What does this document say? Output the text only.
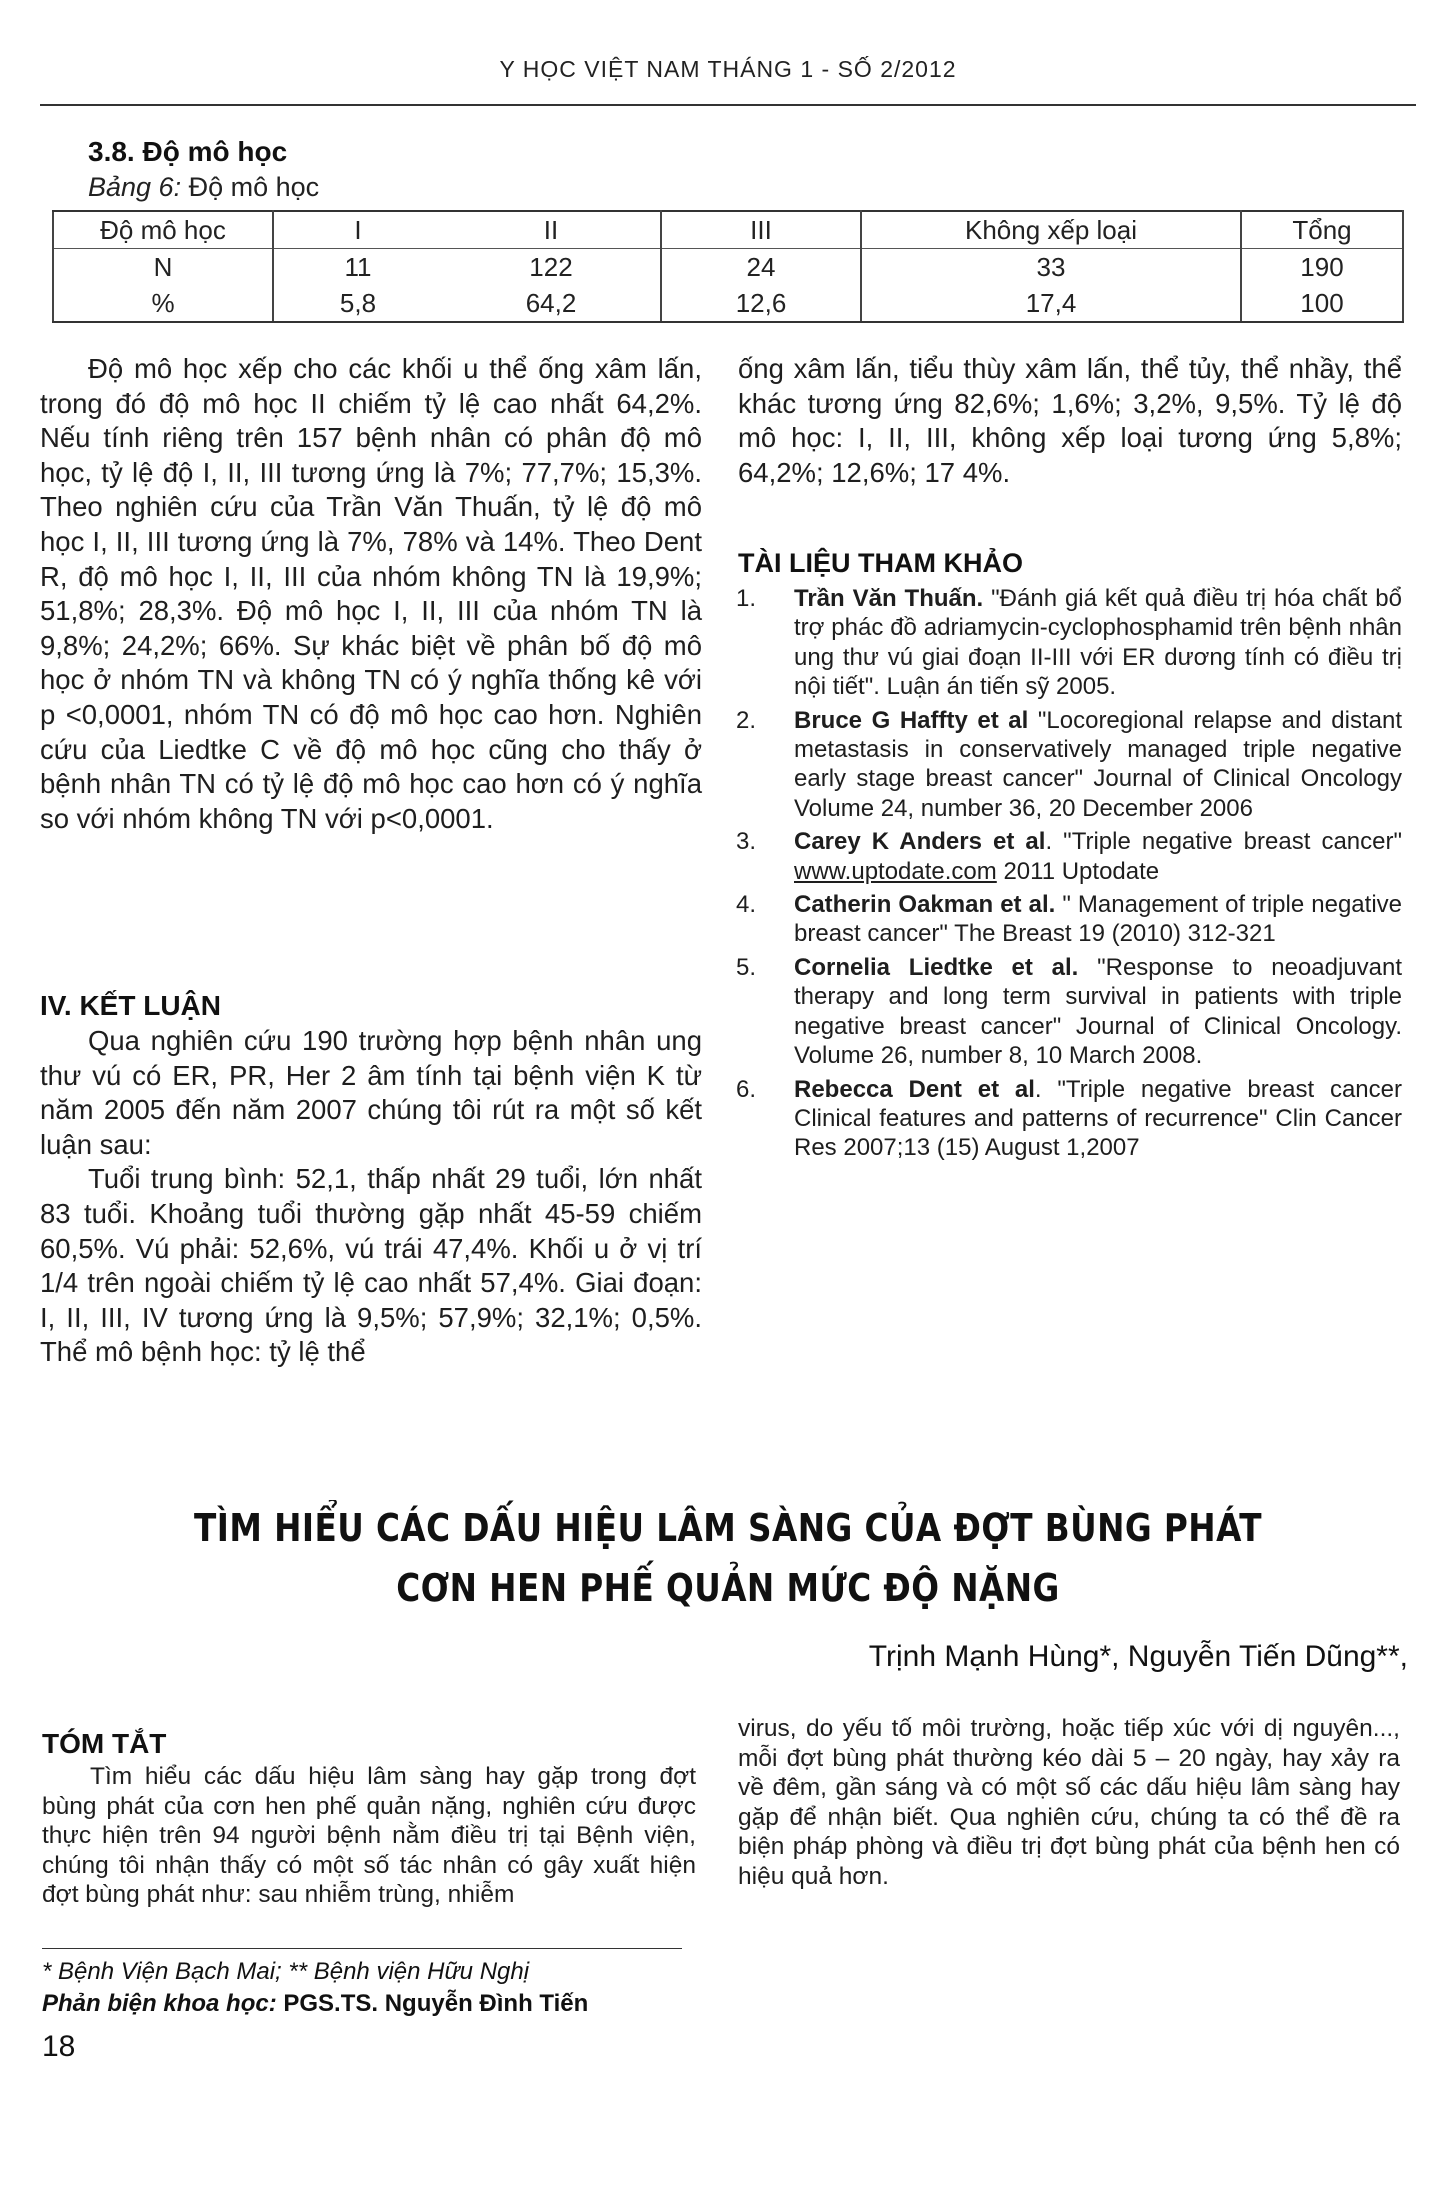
Y HỌC VIỆT NAM THÁNG 1 - SỐ 2/2012
3.8. Độ mô học
Bảng 6: Độ mô học
Độ mô học	I	II	III	Không xếp loại	Tổng
N	11	122	24	33	190
%	5,8	64,2	12,6	17,4	100

Độ mô học xếp cho các khối u thể ống xâm lấn, trong đó độ mô học II chiếm tỷ lệ cao nhất 64,2%. Nếu tính riêng trên 157 bệnh nhân có phân độ mô học, tỷ lệ độ I, II, III tương ứng là 7%; 77,7%; 15,3%. Theo nghiên cứu của Trần Văn Thuấn, tỷ lệ độ mô học I, II, III tương ứng là 7%, 78% và 14%. Theo Dent R, độ mô học I, II, III của nhóm không TN là 19,9%; 51,8%; 28,3%. Độ mô học I, II, III của nhóm TN là 9,8%; 24,2%; 66%. Sự khác biệt về phân bố độ mô học ở nhóm TN và không TN có ý nghĩa thống kê với p <0,0001, nhóm TN có độ mô học cao hơn. Nghiên cứu của Liedtke C về độ mô học cũng cho thấy ở bệnh nhân TN có tỷ lệ độ mô học cao hơn có ý nghĩa so với nhóm không TN với p<0,0001.

IV. KẾT LUẬN

Qua nghiên cứu 190 trường hợp bệnh nhân ung thư vú có ER, PR, Her 2 âm tính tại bệnh viện K từ năm 2005 đến năm 2007 chúng tôi rút ra một số kết luận sau:

Tuổi trung bình: 52,1, thấp nhất 29 tuổi, lớn nhất 83 tuổi. Khoảng tuổi thường gặp nhất 45-59 chiếm 60,5%. Vú phải: 52,6%, vú trái 47,4%. Khối u ở vị trí 1/4 trên ngoài chiếm tỷ lệ cao nhất 57,4%. Giai đoạn: I, II, III, IV tương ứng là 9,5%; 57,9%; 32,1%; 0,5%. Thể mô bệnh học: tỷ lệ thể

ống xâm lấn, tiểu thùy xâm lấn, thể tủy, thể nhầy, thể khác tương ứng 82,6%; 1,6%; 3,2%, 9,5%. Tỷ lệ độ mô học: I, II, III, không xếp loại tương ứng 5,8%; 64,2%; 12,6%; 17 4%.

TÀI LIỆU THAM KHẢO
1.	Trần Văn Thuấn. "Đánh giá kết quả điều trị hóa chất bổ trợ phác đồ adriamycin-cyclophosphamid trên bệnh nhân ung thư vú giai đoạn II-III với ER dương tính có điều trị nội tiết". Luận án tiến sỹ 2005.
2.	Bruce G Haffty et al "Locoregional relapse and distant metastasis in conservatively managed triple negative early stage breast cancer" Journal of Clinical Oncology Volume 24, number 36, 20 December 2006
3.	Carey K Anders et al. "Triple negative breast cancer" www.uptodate.com 2011 Uptodate
4.	Catherin Oakman et al. " Management of triple negative breast cancer" The Breast 19 (2010) 312-321
5.	Cornelia Liedtke et al. "Response to neoadjuvant therapy and long term survival in patients with triple negative breast cancer" Journal of Clinical Oncology. Volume 26, number 8, 10 March 2008.
6.	Rebecca Dent et al. "Triple negative breast cancer Clinical features and patterns of recurrence" Clin Cancer Res 2007;13 (15) August 1,2007
TÌM HIỂU CÁC DẤU HIỆU LÂM SÀNG CỦA ĐỢT BÙNG PHÁT
CƠN HEN PHẾ QUẢN MỨC ĐỘ NẶNG
Trịnh Mạnh Hùng*, Nguyễn Tiến Dũng**,
TÓM TẮT

Tìm hiểu các dấu hiệu lâm sàng hay gặp trong đợt bùng phát của cơn hen phế quản nặng, nghiên cứu được thực hiện trên 94 người bệnh nằm điều trị tại Bệnh viện, chúng tôi nhận thấy có một số tác nhân có gây xuất hiện đợt bùng phát như: sau nhiễm trùng, nhiễm

virus, do yếu tố môi trường, hoặc tiếp xúc với dị nguyên..., mỗi đợt bùng phát thường kéo dài 5 – 20 ngày, hay xảy ra về đêm, gần sáng và có một số các dấu hiệu lâm sàng hay gặp để nhận biết. Qua nghiên cứu, chúng ta có thể đề ra biện pháp phòng và điều trị đợt bùng phát của bệnh hen có hiệu quả hơn.

* Bệnh Viện Bạch Mai; ** Bệnh viện Hữu Nghị
Phản biện khoa học: PGS.TS. Nguyễn Đình Tiến
18
